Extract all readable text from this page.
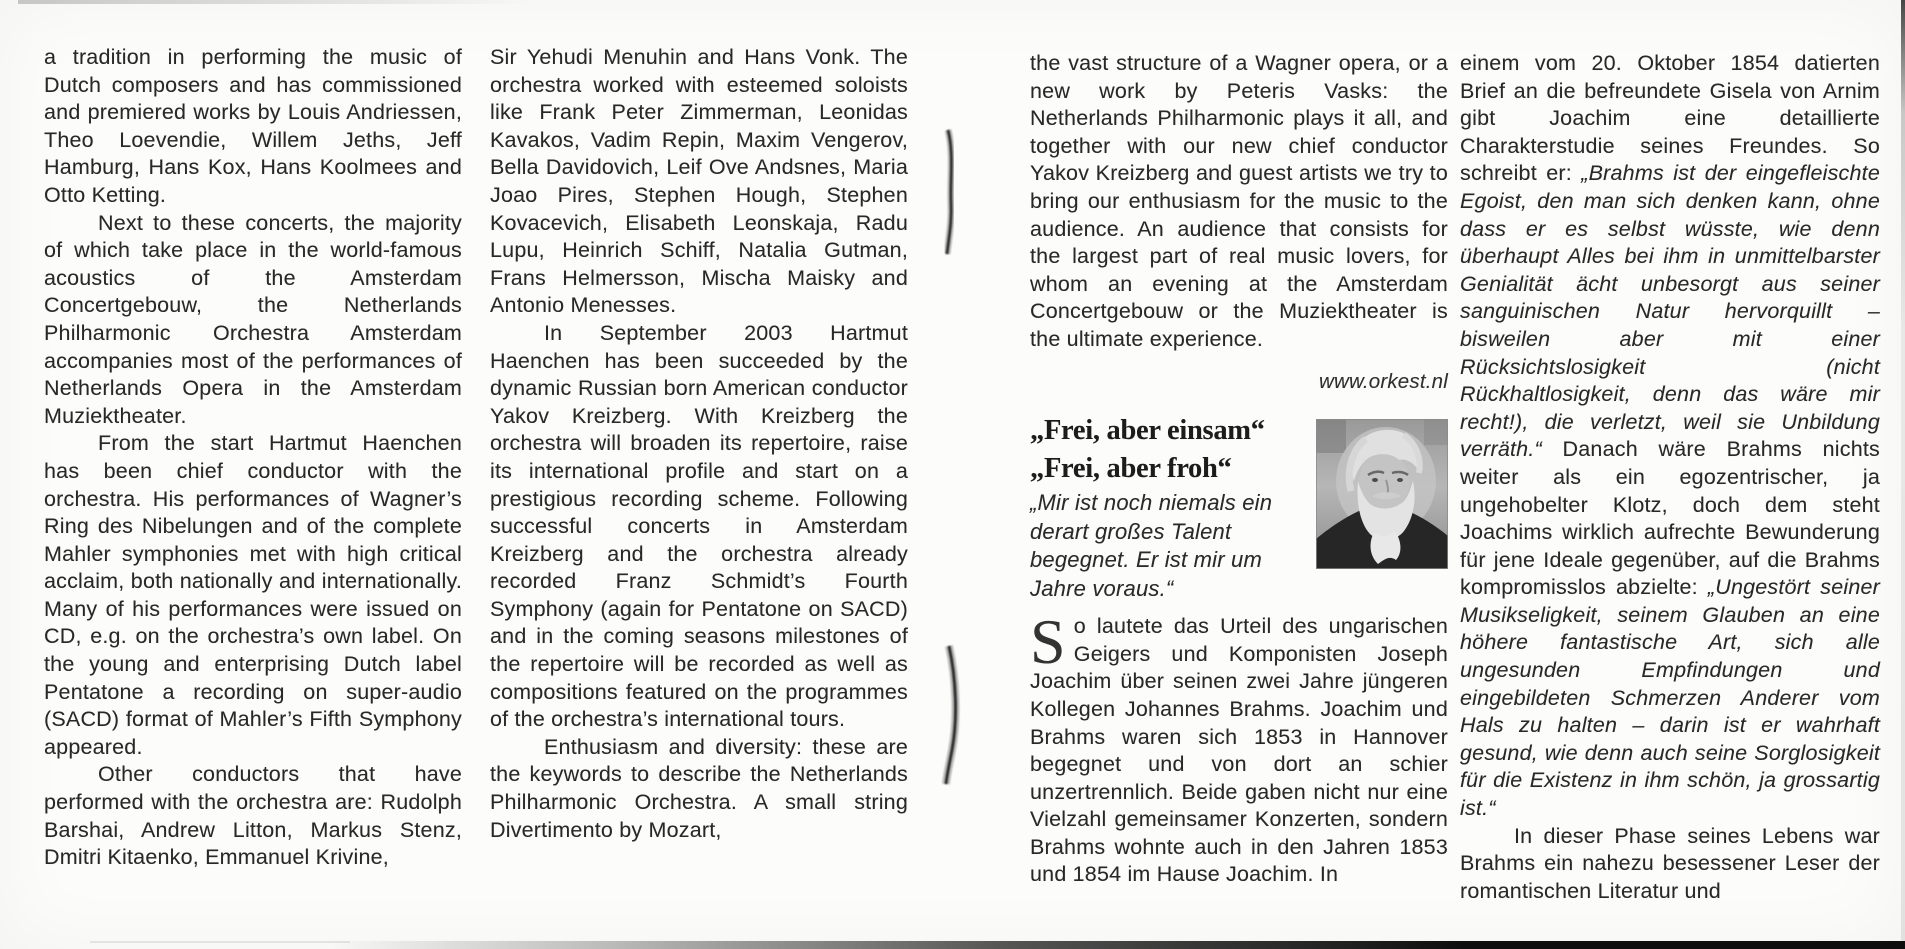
a tradition in performing the music of Dutch composers and has commissioned and premiered works by Louis Andriessen, Theo Loevendie, Willem Jeths, Jeff Hamburg, Hans Kox, Hans Koolmees and Otto Ketting.

Next to these concerts, the majority of which take place in the world-famous acoustics of the Amsterdam Concertgebouw, the Netherlands Philharmonic Orchestra Amsterdam accompanies most of the performances of Netherlands Opera in the Amsterdam Muziektheater.

From the start Hartmut Haenchen has been chief conductor with the orchestra. His performances of Wagner’s Ring des Nibelungen and of the complete Mahler symphonies met with high critical acclaim, both nationally and internationally. Many of his performances were issued on CD, e.g. on the orchestra’s own label. On the young and enterprising Dutch label Pentatone a recording on super-audio (SACD) format of Mahler’s Fifth Symphony appeared.

Other conductors that have performed with the orchestra are: Rudolph Barshai, Andrew Litton, Markus Stenz, Dmitri Kitaenko, Emmanuel Krivine,

Sir Yehudi Menuhin and Hans Vonk. The orchestra worked with esteemed soloists like Frank Peter Zimmerman, Leonidas Kavakos, Vadim Repin, Maxim Vengerov, Bella Davidovich, Leif Ove Andsnes, Maria Joao Pires, Stephen Hough, Stephen Kovacevich, Elisabeth Leonskaja, Radu Lupu, Heinrich Schiff, Natalia Gutman, Frans Helmersson, Mischa Maisky and Antonio Menesses.

In September 2003 Hartmut Haenchen has been succeeded by the dynamic Russian born American conductor Yakov Kreizberg. With Kreizberg the orchestra will broaden its repertoire, raise its international profile and start on a prestigious recording scheme. Following successful concerts in Amsterdam Kreizberg and the orchestra already recorded Franz Schmidt’s Fourth Symphony (again for Pentatone on SACD) and in the coming seasons milestones of the repertoire will be recorded as well as compositions featured on the programmes of the orchestra’s international tours.

Enthusiasm and diversity: these are the keywords to describe the Netherlands Philharmonic Orchestra. A small string Divertimento by Mozart,

the vast structure of a Wagner opera, or a new work by Peteris Vasks: the Netherlands Philharmonic plays it all, and together with our new chief conductor Yakov Kreizberg and guest artists we try to bring our enthusiasm for the music to the audience. An audience that consists for the largest part of real music lovers, for whom an evening at the Amsterdam Concertgebouw or the Muziektheater is the ultimate experience.

www.orkest.nl

„Frei, aber einsam“
„Frei, aber froh“

„Mir ist noch niemals ein derart großes Talent begegnet. Er ist mir um Jahre voraus.“

So lautete das Urteil des ungarischen Geigers und Komponisten Joseph Joachim über seinen zwei Jahre jüngeren Kollegen Johannes Brahms. Joachim und Brahms waren sich 1853 in Hannover begegnet und von dort an schier unzertrennlich. Beide gaben nicht nur eine Vielzahl gemeinsamer Konzerten, sondern Brahms wohnte auch in den Jahren 1853 und 1854 im Hause Joachim. In

einem vom 20. Oktober 1854 datierten Brief an die befreundete Gisela von Arnim gibt Joachim eine detaillierte Charakterstudie seines Freundes. So schreibt er: „Brahms ist der eingefleischte Egoist, den man sich denken kann, ohne dass er es selbst wüsste, wie denn überhaupt Alles bei ihm in unmittelbarster Genialität ächt unbesorgt aus seiner sanguinischen Natur hervorquillt – bisweilen aber mit einer Rücksichtslosigkeit (nicht Rückhaltlosigkeit, denn das wäre mir recht!), die verletzt, weil sie Unbildung verräth.“ Danach wäre Brahms nichts weiter als ein egozentrischer, ja ungehobelter Klotz, doch dem steht Joachims wirklich aufrechte Bewunderung für jene Ideale gegenüber, auf die Brahms kompromisslos abzielte: „Ungestört seiner Musikseligkeit, seinem Glauben an eine höhere fantastische Art, sich alle ungesunden Empfindungen und eingebildeten Schmerzen Anderer vom Hals zu halten – darin ist er wahrhaft gesund, wie denn auch seine Sorglosigkeit für die Existenz in ihm schön, ja grossartig ist.“

In dieser Phase seines Lebens war Brahms ein nahezu besessener Leser der romantischen Literatur und
